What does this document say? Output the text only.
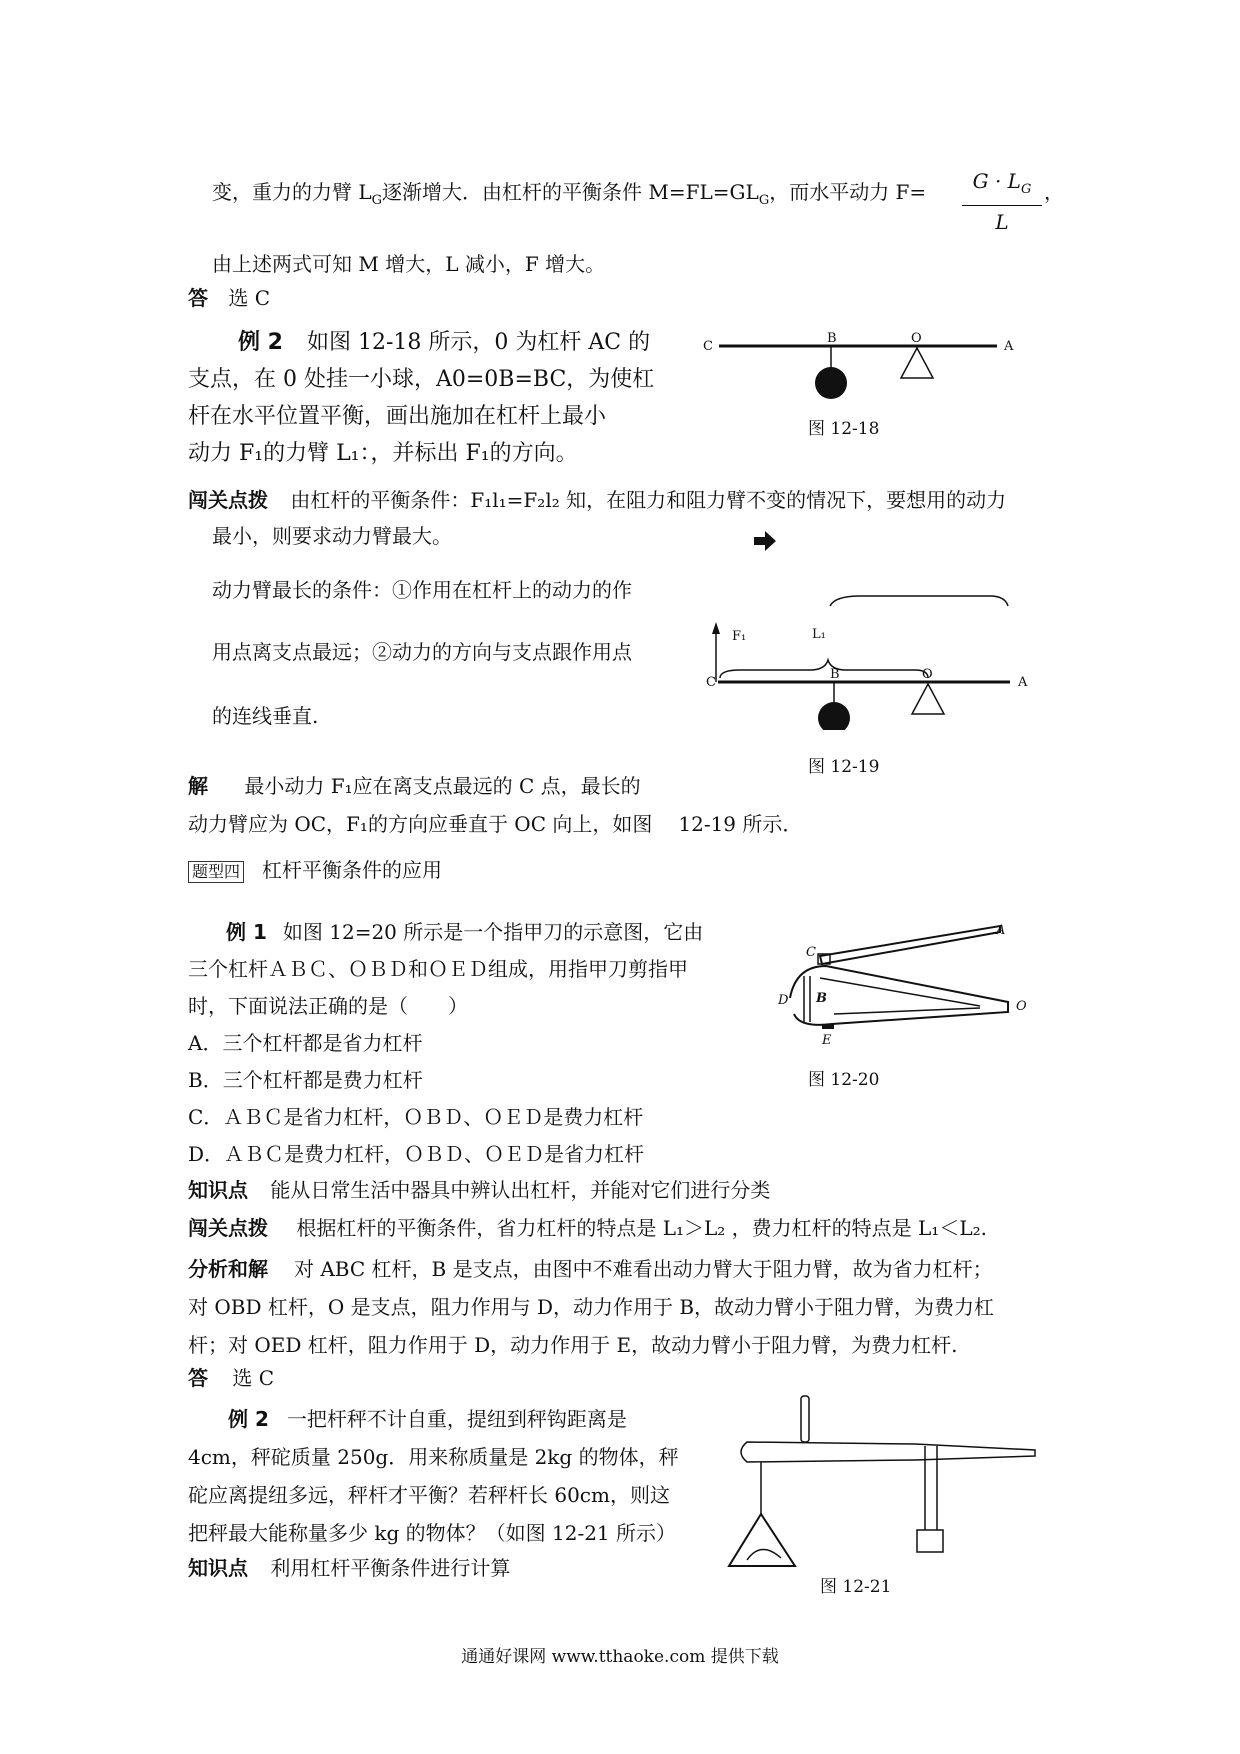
变，重力的力臂 $L_G$逐渐增大．由杠杆的平衡条件 $M=FL=GL_G$，而水平动力 F=	$G \cdot L_G$
L
，
由上述两式可知 M 增大，L 减小，F 增大。
答 选 C
例 2 如图 12-18 所示，0 为杠杆 AC 的
支点，在 0 处挂一小球，A0=0B=BC，为使杠
杆在水平位置平衡，画出施加在杠杆上最小
动力 F₁的力臂 L₁：，并标出 F₁的方向。
C
B	O
A
图 12-18
闯关点拨 由杠杆的平衡条件：F₁l₁=F₂l₂ 知，在阻力和阻力臂不变的情况下，要想用的动力
最小，则要求动力臂最大。
动力臂最长的条件：①作用在杠杆上的动力的作
用点离支点最远；②动力的方向与支点跟作用点
的连线垂直.
F₁	L₁
C
B	O
A
图 12-19
解 最小动力 F₁应在离支点最远的 C 点，最长的
动力臂应为 OC，F₁的方向应垂直于 OC 向上，如图 12-19 所示．
题型四 杠杆平衡条件的应用
例 1 如图 12=20 所示是一个指甲刀的示意图，它由
三个杠杆ＡＢＣ、ＯＢＤ和ＯＥＤ组成，用指甲刀剪指甲
时，下面说法正确的是（　　）
A．三个杠杆都是省力杠杆
B．三个杠杆都是费力杠杆
C．ＡＢＣ是省力杠杆，ＯＢＤ、ＯＥＤ是费力杠杆
D．ＡＢＣ是费力杠杆，ＯＢＤ、ＯＥＤ是省力杠杆
A
C
B
D	O
E
图 12-20
知识点 能从日常生活中器具中辨认出杠杆，并能对它们进行分类
闯关点拨 根据杠杆的平衡条件，省力杠杆的特点是 L₁＞L₂ ，费力杠杆的特点是 L₁＜L₂.
分析和解 对 ABC 杠杆，B 是支点，由图中不难看出动力臂大于阻力臂，故为省力杠杆；
对 OBD 杠杆，O 是支点，阻力作用与 D，动力作用于 B，故动力臂小于阻力臂，为费力杠
杆；对 OED 杠杆，阻力作用于 D，动力作用于 E，故动力臂小于阻力臂，为费力杠杆.
答 选 C
例 2 一把杆秤不计自重，提纽到秤钩距离是
4cm，秤砣质量 250g．用来称质量是 2kg 的物体，秤
砣应离提纽多远，秤杆才平衡？若秤杆长 60cm，则这
把秤最大能称量多少 kg 的物体？（如图 12-21 所示）
知识点 利用杠杆平衡条件进行计算
图 12-21
通通好课网 www.tthaoke.com 提供下载
